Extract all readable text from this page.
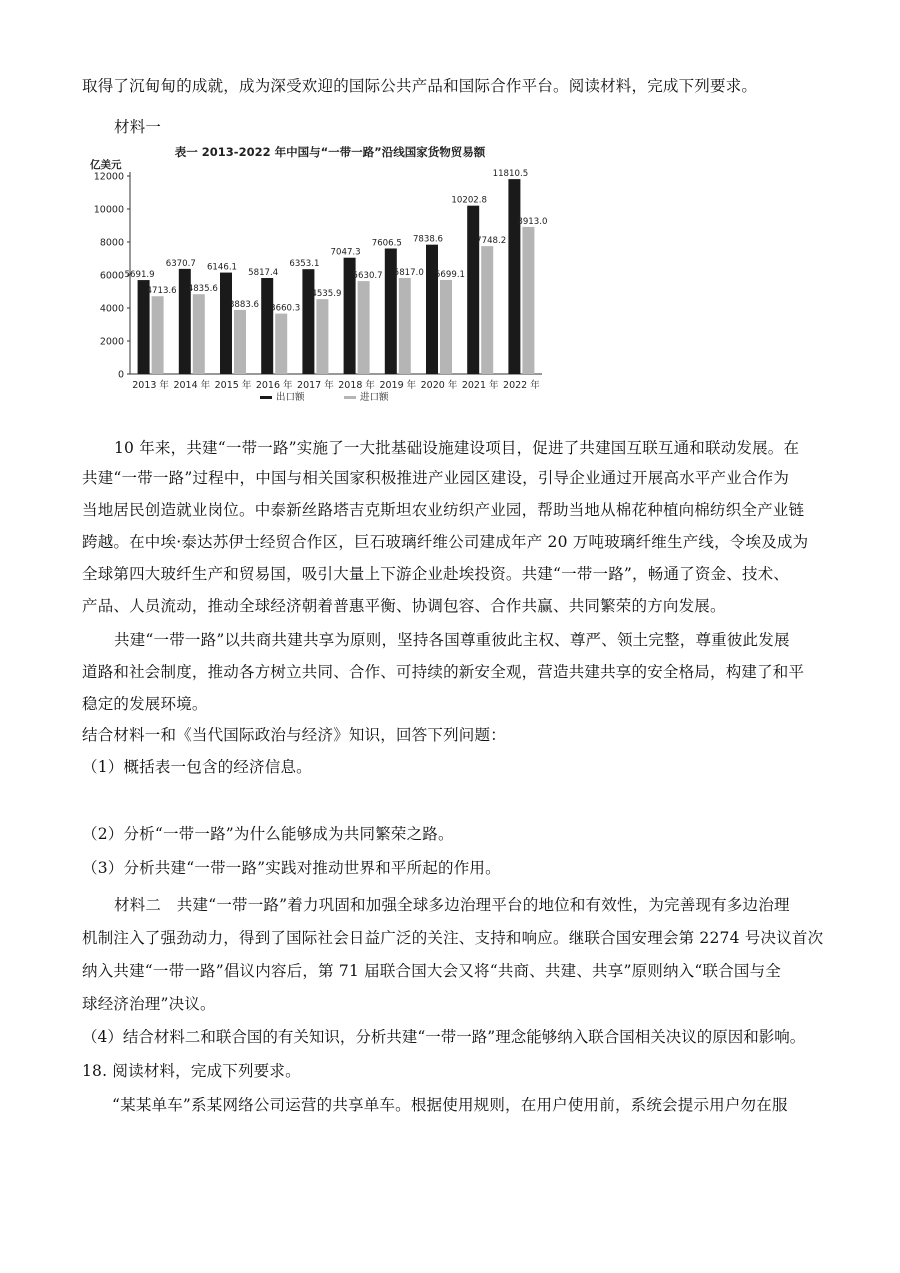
取得了沉甸甸的成就，成为深受欢迎的国际公共产品和国际合作平台。阅读材料，完成下列要求。
材料一
表一 2013-2022 年中国与“一带一路”沿线国家货物贸易额
亿美元
0
2000
4000
6000
8000
10000
12000
2013 年
5691.9
4713.6
2014 年
6370.7
4835.6
2015 年
6146.1
3883.6
2016 年
5817.4
3660.3
2017 年
6353.1
4535.9
2018 年
7047.3
5630.7
2019 年
7606.5
5817.0
2020 年
7838.6
5699.1
2021 年
10202.8
7748.2
2022 年
11810.5
8913.0
出口额	进口额
10 年来，共建“一带一路”实施了一大批基础设施建设项目，促进了共建国互联互通和联动发展。在
共建“一带一路”过程中，中国与相关国家积极推进产业园区建设，引导企业通过开展高水平产业合作为
当地居民创造就业岗位。中泰新丝路塔吉克斯坦农业纺织产业园，帮助当地从棉花种植向棉纺织全产业链
跨越。在中埃·泰达苏伊士经贸合作区，巨石玻璃纤维公司建成年产 20 万吨玻璃纤维生产线，令埃及成为
全球第四大玻纤生产和贸易国，吸引大量上下游企业赴埃投资。共建“一带一路”，畅通了资金、技术、
产品、人员流动，推动全球经济朝着普惠平衡、协调包容、合作共赢、共同繁荣的方向发展。
共建“一带一路”以共商共建共享为原则，坚持各国尊重彼此主权、尊严、领土完整，尊重彼此发展
道路和社会制度，推动各方树立共同、合作、可持续的新安全观，营造共建共享的安全格局，构建了和平
稳定的发展环境。
结合材料一和《当代国际政治与经济》知识，回答下列问题：
（1）概括表一包含的经济信息。
（2）分析“一带一路”为什么能够成为共同繁荣之路。
（3）分析共建“一带一路”实践对推动世界和平所起的作用。
材料二　共建“一带一路”着力巩固和加强全球多边治理平台的地位和有效性，为完善现有多边治理
机制注入了强劲动力，得到了国际社会日益广泛的关注、支持和响应。继联合国安理会第 2274 号决议首次
纳入共建“一带一路”倡议内容后，第 71 届联合国大会又将“共商、共建、共享”原则纳入“联合国与全
球经济治理”决议。
（4）结合材料二和联合国的有关知识，分析共建“一带一路”理念能够纳入联合国相关决议的原因和影响。
18. 阅读材料，完成下列要求。
“某某单车”系某网络公司运营的共享单车。根据使用规则，在用户使用前，系统会提示用户勿在服
